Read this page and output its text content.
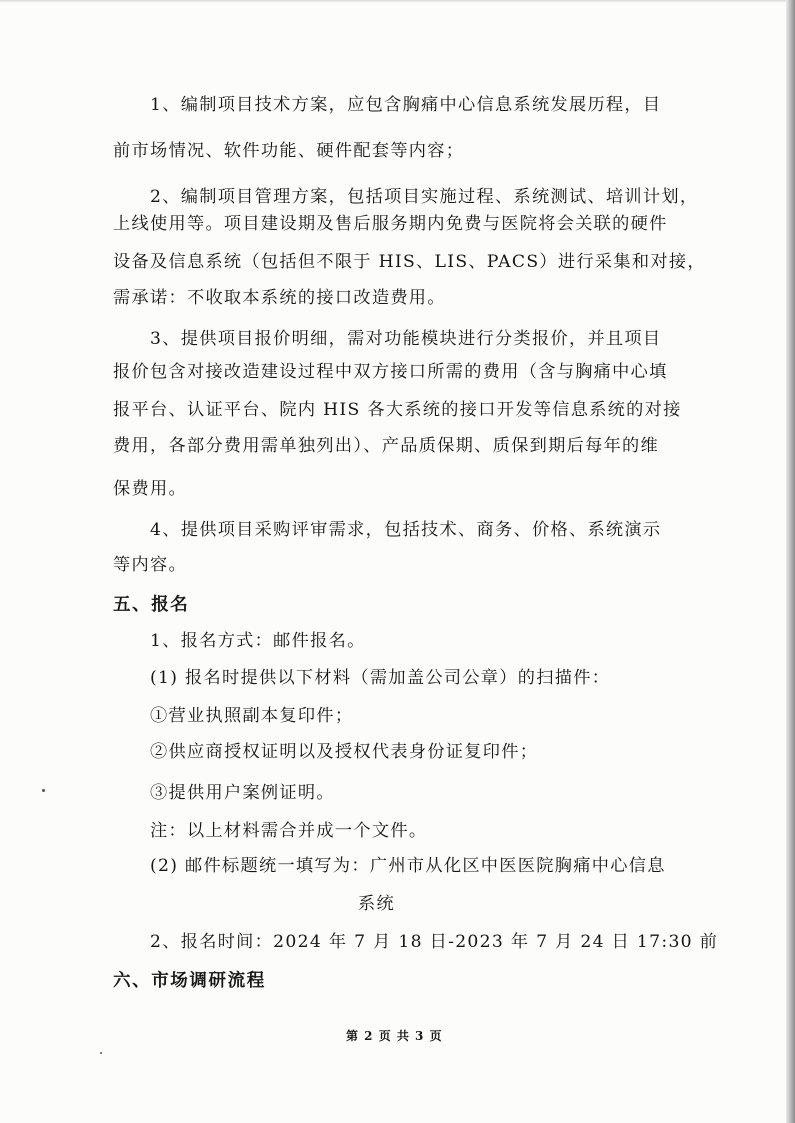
1、编制项目技术方案，应包含胸痛中心信息系统发展历程，目

前市场情况、软件功能、硬件配套等内容；

2、编制项目管理方案，包括项目实施过程、系统测试、培训计划，

上线使用等。项目建设期及售后服务期内免费与医院将会关联的硬件

设备及信息系统（包括但不限于 HIS、LIS、PACS）进行采集和对接，

需承诺：不收取本系统的接口改造费用。

3、提供项目报价明细，需对功能模块进行分类报价，并且项目

报价包含对接改造建设过程中双方接口所需的费用（含与胸痛中心填

报平台、认证平台、院内 HIS 各大系统的接口开发等信息系统的对接

费用，各部分费用需单独列出）、产品质保期、质保到期后每年的维

保费用。

4、提供项目采购评审需求，包括技术、商务、价格、系统演示

等内容。

五、报名

1、报名方式：邮件报名。

(1) 报名时提供以下材料（需加盖公司公章）的扫描件：

①营业执照副本复印件；

②供应商授权证明以及授权代表身份证复印件；

③提供用户案例证明。

注：以上材料需合并成一个文件。

(2) 邮件标题统一填写为：广州市从化区中医医院胸痛中心信息

系统

2、报名时间：2024 年 7 月 18 日-2023 年 7 月 24 日 17:30 前

六、市场调研流程

第 2 页 共 3 页
